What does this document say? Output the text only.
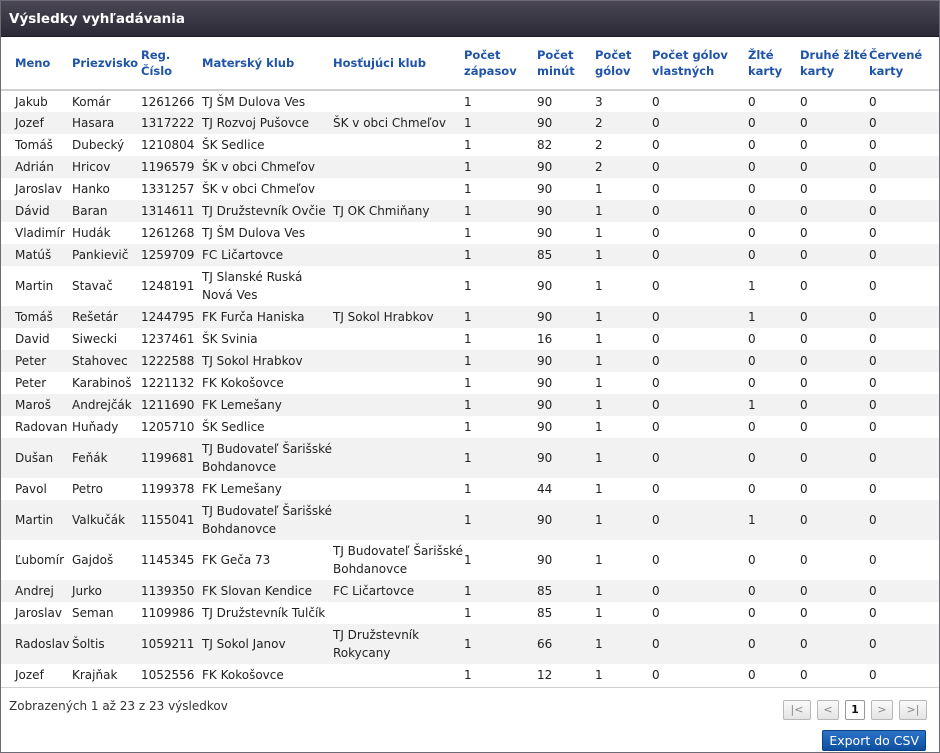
Výsledky vyhľadávania
Meno	Priezvisko	Reg. Číslo	Materský klub	Hosťujúci klub	Počet zápasov	Počet minút	Počet gólov	Počet gólov vlastných	Žlté karty	Druhé žlté karty	Červené karty
Jakub	Komár	1261266	TJ ŠM Dulova Ves		1	90	3	0	0	0	0
Jozef	Hasara	1317222	TJ Rozvoj Pušovce	ŠK v obci Chmeľov	1	90	2	0	0	0	0
Tomáš	Dubecký	1210804	ŠK Sedlice		1	82	2	0	0	0	0
Adrián	Hricov	1196579	ŠK v obci Chmeľov		1	90	2	0	0	0	0
Jaroslav	Hanko	1331257	ŠK v obci Chmeľov		1	90	1	0	0	0	0
Dávid	Baran	1314611	TJ Družstevník Ovčie	TJ OK Chmiňany	1	90	1	0	0	0	0
Vladimír	Hudák	1261268	TJ ŠM Dulova Ves		1	90	1	0	0	0	0
Matúš	Pankievič	1259709	FC Ličartovce		1	85	1	0	0	0	0
Martin	Stavač	1248191	TJ Slanské Ruská Nová Ves		1	90	1	0	1	0	0
Tomáš	Rešetár	1244795	FK Furča Haniska	TJ Sokol Hrabkov	1	90	1	0	1	0	0
David	Siwecki	1237461	ŠK Svinia		1	16	1	0	0	0	0
Peter	Stahovec	1222588	TJ Sokol Hrabkov		1	90	1	0	0	0	0
Peter	Karabinoš	1221132	FK Kokošovce		1	90	1	0	0	0	0
Maroš	Andrejčák	1211690	FK Lemešany		1	90	1	0	1	0	0
Radovan	Huňady	1205710	ŠK Sedlice		1	90	1	0	0	0	0
Dušan	Feňák	1199681	TJ Budovateľ Šarišské Bohdanovce		1	90	1	0	0	0	0
Pavol	Petro	1199378	FK Lemešany		1	44	1	0	0	0	0
Martin	Valkučák	1155041	TJ Budovateľ Šarišské Bohdanovce		1	90	1	0	1	0	0
Ľubomír	Gajdoš	1145345	FK Geča 73	TJ Budovateľ Šarišské Bohdanovce	1	90	1	0	0	0	0
Andrej	Jurko	1139350	FK Slovan Kendice	FC Ličartovce	1	85	1	0	0	0	0
Jaroslav	Seman	1109986	TJ Družstevník Tulčík		1	85	1	0	0	0	0
Radoslav	Šoltis	1059211	TJ Sokol Janov	TJ Družstevník Rokycany	1	66	1	0	0	0	0
Jozef	Krajňak	1052556	FK Kokošovce		1	12	1	0	0	0	0
Zobrazených 1 až 23 z 23 výsledkov	|<	<	1	>	>|
Export do CSV
